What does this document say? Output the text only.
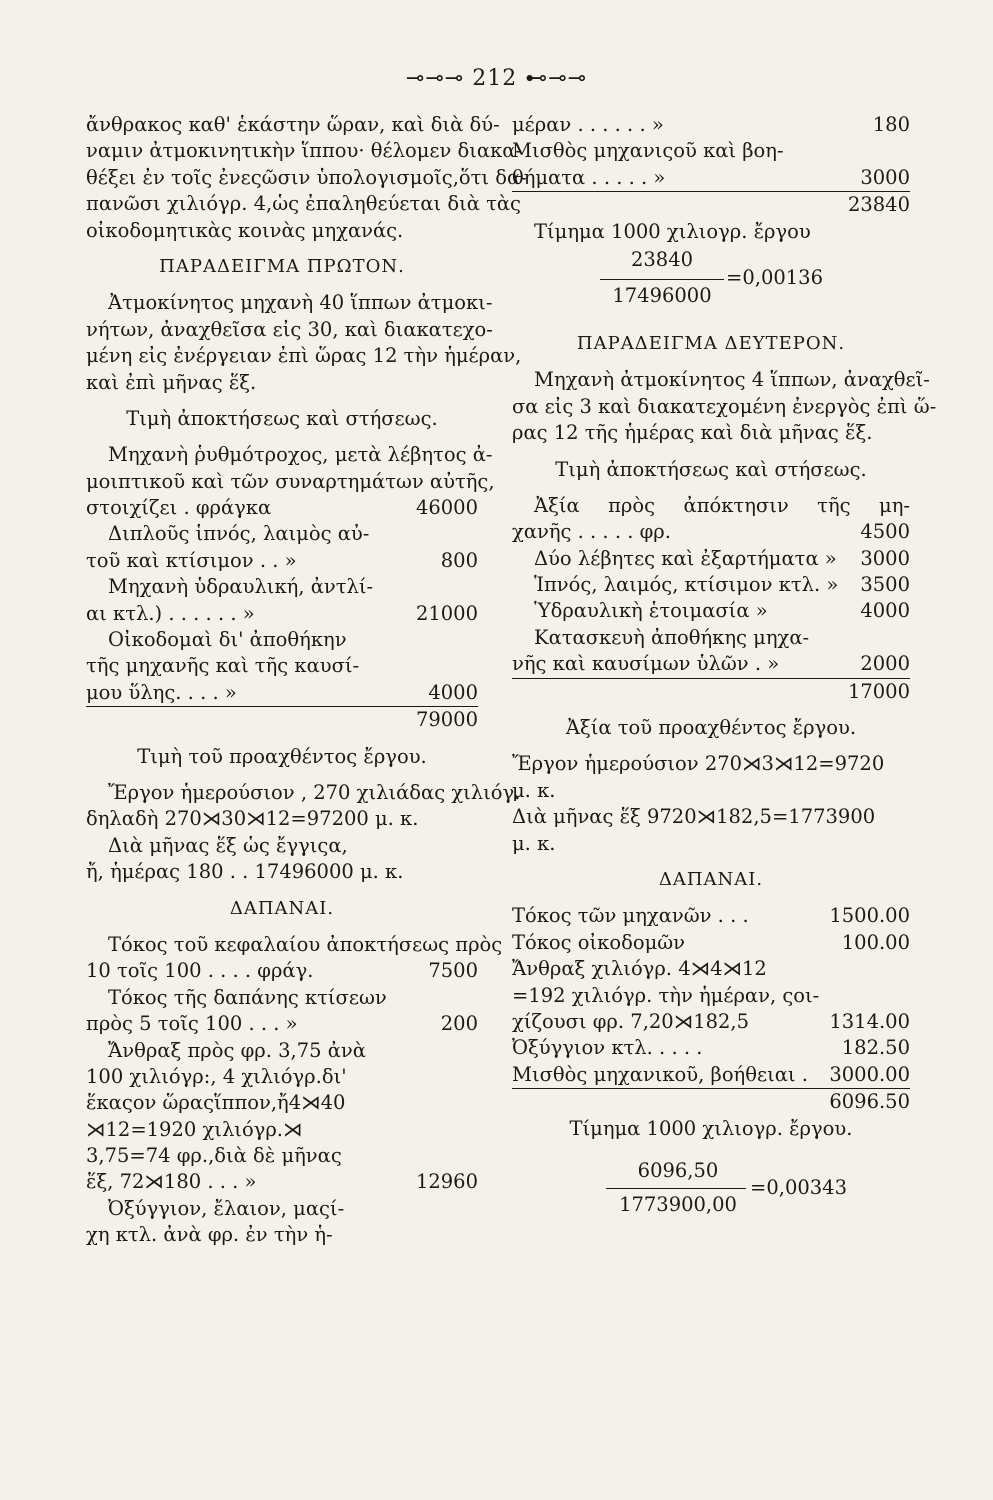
⊸⊸⊸ 212 ⊷⊸⊸
ἄνθρακος καθ' ἑκάστην ὥραν, καὶ διὰ δύ-
ναμιν ἀτμοκινητικὴν ἵππου· θέλομεν διακα-
θέξει ἐν τοῖς ἐνεςῶσιν ὑπολογισμοῖς,ὅτι δα-
πανῶσι χιλιόγρ. 4,ὡς ἐπαληθεύεται διὰ τὰς
οἰκοδομητικὰς κοινὰς μηχανάς.
ΠΑΡΑΔΕΙΓΜΑ ΠΡΩΤΟΝ.
Ἀτμοκίνητος μηχανὴ 40 ἵππων ἀτμοκι-
νήτων, ἀναχθεῖσα εἰς 30, καὶ διακατεχο-
μένη εἰς ἐνέργειαν ἐπὶ ὥρας 12 τὴν ἡμέραν,
καὶ ἐπὶ μῆνας ἕξ.
Τιμὴ ἀποκτήσεως καὶ στήσεως.
Μηχανὴ ῥυθμότροχος, μετὰ λέβητος ἀ-
μοιπτικοῦ καὶ τῶν συναρτημάτων αὐτῆς,
στοιχίζει . φράγκα	46000
Διπλοῦς ἱπνός, λαιμὸς αὐ-
τοῦ καὶ κτίσιμον . . »	800
Μηχανὴ ὑδραυλική, ἀντλί-
αι κτλ.) . . . . . . »	21000
Οἰκοδομαὶ δι' ἀποθήκην
τῆς μηχανῆς καὶ τῆς καυσί-
μου ὕλης. . . . »	4000
79000
Τιμὴ τοῦ προαχθέντος ἔργου.
Ἔργον ἡμερούσιον , 270 χιλιάδας χιλιόγ.
δηλαδὴ 270⋊30⋊12=97200 μ. κ.
Διὰ μῆνας ἕξ ὡς ἔγγιςα,
ἤ, ἡμέρας 180 . . 17496000 μ. κ.
ΔΑΠΑΝΑΙ.
Τόκος τοῦ κεφαλαίου ἀποκτήσεως πρὸς
10 τοῖς 100 . . . . φράγ.	7500
Τόκος τῆς δαπάνης κτίσεων
πρὸς 5 τοῖς 100 . . . »	200
Ἄνθραξ πρὸς φρ. 3,75 ἀνὰ
100 χιλιόγρ:, 4 χιλιόγρ.δι'
ἕκαςον ὥραςἵππον,ἤ4⋊40
⋊12=1920 χιλιόγρ.⋊
3,75=74 φρ.,διὰ δὲ μῆνας
ἕξ, 72⋊180 . . . »	12960
Ὀξύγγιον, ἔλαιον, μαςί-
χη κτλ. ἀνὰ φρ. ἐν τὴν ἡ-
μέραν . . . . . . »	180
Μισθὸς μηχανιςοῦ καὶ βοη-
θήματα . . . . . »	3000
23840
Τίμημα 1000 χιλιογρ. ἔργου
23840
17496000
=0,00136
ΠΑΡΑΔΕΙΓΜΑ ΔΕΥΤΕΡΟΝ.
Μηχανὴ ἀτμοκίνητος 4 ἵππων, ἀναχθεῖ-
σα εἰς 3 καὶ διακατεχομένη ἐνεργὸς ἐπὶ ὥ-
ρας 12 τῆς ἡμέρας καὶ διὰ μῆνας ἕξ.
Τιμὴ ἀποκτήσεως καὶ στήσεως.
Ἀξία πρὸς ἀπόκτησιν τῆς μη-
χανῆς . . . . . φρ.	4500
Δύο λέβητες καὶ ἐξαρτήματα » 3000
Ἱπνός, λαιμός, κτίσιμον κτλ. » 3500
Ὑδραυλικὴ ἑτοιμασία »	4000
Κατασκευὴ ἀποθήκης μηχα-
νῆς καὶ καυσίμων ὑλῶν . »	2000
17000
Ἀξία τοῦ προαχθέντος ἔργου.
Ἔργον ἡμερούσιον 270⋊3⋊12=9720
μ. κ.
Διὰ μῆνας ἕξ 9720⋊182,5=1773900
μ. κ.
ΔΑΠΑΝΑΙ.
Τόκος τῶν μηχανῶν . . .	1500.00
Τόκος οἰκοδομῶν	100.00
Ἄνθραξ χιλιόγρ. 4⋊4⋊12
=192 χιλιόγρ. τὴν ἡμέραν, ςοι-
χίζουσι φρ. 7,20⋊182,5	1314.00
Ὀξύγγιον κτλ. . . . .	182.50
Μισθὸς μηχανικοῦ, βοήθειαι . 3000.00
6096.50
Τίμημα 1000 χιλιογρ. ἔργου.
6096,50
1773900,00
=0,00343
